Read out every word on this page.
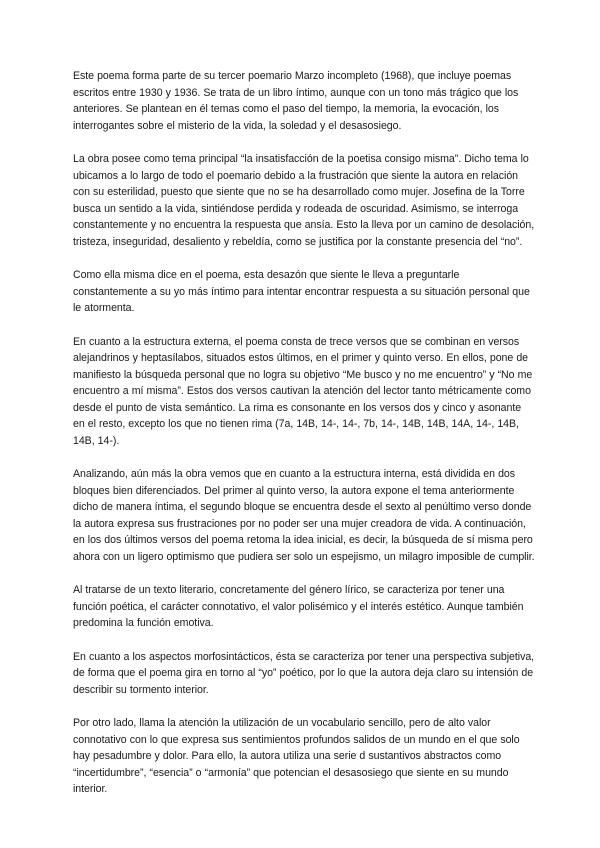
Este poema forma parte de su tercer poemario Marzo incompleto (1968), que incluye poemas escritos entre 1930 y 1936. Se trata de un libro íntimo, aunque con un tono más trágico que los anteriores. Se plantean en él temas como el paso del tiempo, la memoria, la evocación, los interrogantes sobre el misterio de la vida, la soledad y el desasosiego.

La obra posee como tema principal “la insatisfacción de la poetisa consigo misma”. Dicho tema lo ubicamos a lo largo de todo el poemario debido a la frustración que siente la autora en relación con su esterilidad, puesto que siente que no se ha desarrollado como mujer. Josefina de la Torre busca un sentido a la vida, sintiéndose perdida y rodeada de oscuridad. Asimismo, se interroga constantemente y no encuentra la respuesta que ansía. Esto la lleva por un camino de desolación, tristeza, inseguridad, desaliento y rebeldía, como se justifica por la constante presencia del “no”.

Como ella misma dice en el poema, esta desazón que siente le lleva a preguntarle constantemente a su yo más íntimo para intentar encontrar respuesta a su situación personal que le atormenta.

En cuanto a la estructura externa, el poema consta de trece versos que se combinan en versos alejandrinos y heptasílabos, situados estos últimos, en el primer y quinto verso. En ellos, pone de manifiesto la búsqueda personal que no logra su objetivo “Me busco y no me encuentro” y “No me encuentro a mí misma”. Estos dos versos cautivan la atención del lector tanto métricamente como desde el punto de vista semántico. La rima es consonante en los versos dos y cinco y asonante en el resto, excepto los que no tienen rima (7a, 14B, 14-, 14-, 7b, 14-, 14B, 14B, 14A, 14-, 14B, 14B, 14-).

Analizando, aún más la obra vemos que en cuanto a la estructura interna, está dividida en dos bloques bien diferenciados. Del primer al quinto verso, la autora expone el tema anteriormente dicho de manera íntima, el segundo bloque se encuentra desde el sexto al penúltimo verso donde la autora expresa sus frustraciones por no poder ser una mujer creadora de vida. A continuación, en los dos últimos versos del poema retoma la idea inicial, es decir, la búsqueda de sí misma pero ahora con un ligero optimismo que pudiera ser solo un espejismo, un milagro imposible de cumplir.

Al tratarse de un texto literario, concretamente del género lírico, se caracteriza por tener una función poética, el carácter connotativo, el valor polisémico y el interés estético. Aunque también predomina la función emotiva.

En cuanto a los aspectos morfosintácticos, ésta se caracteriza por tener una perspectiva subjetiva, de forma que el poema gira en torno al “yo” poético, por lo que la autora deja claro su intensión de describir su tormento interior.

Por otro lado, llama la atención la utilización de un vocabulario sencillo, pero de alto valor connotativo con lo que expresa sus sentimientos profundos salidos de un mundo en el que solo hay pesadumbre y dolor. Para ello, la autora utiliza una serie d sustantivos abstractos como “incertidumbre”, “esencia” o “armonía” que potencian el desasosiego que siente en su mundo interior.
